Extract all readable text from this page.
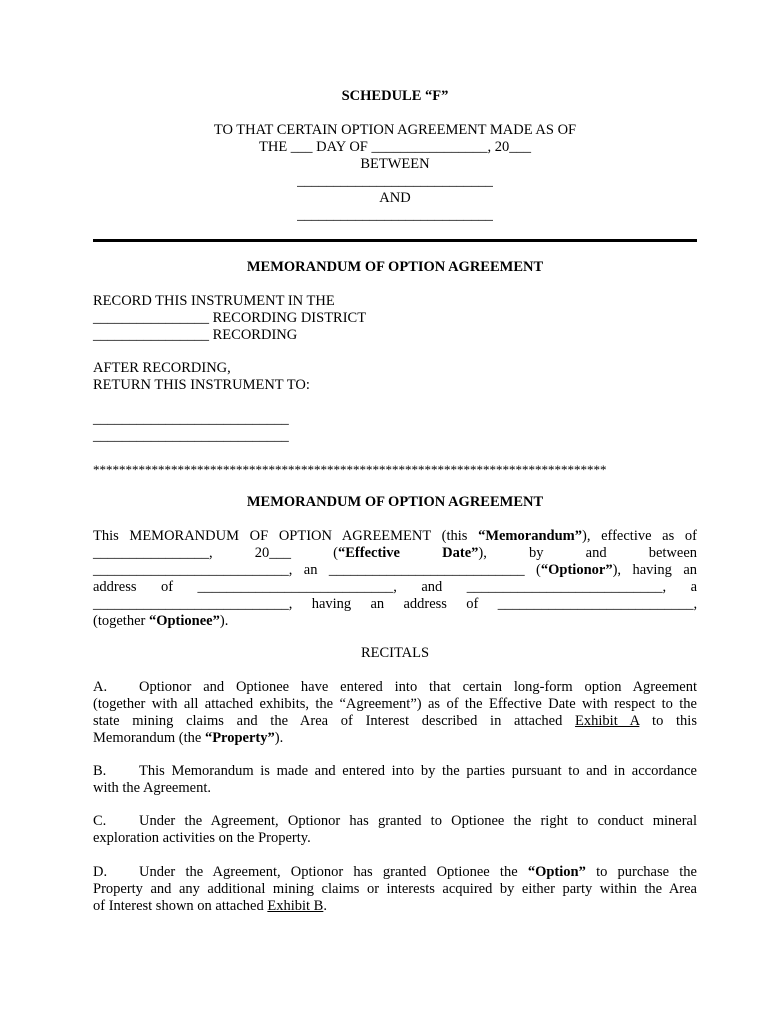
SCHEDULE “F”

TO THAT CERTAIN OPTION AGREEMENT MADE AS OF

THE ___ DAY OF ________________, 20___

BETWEEN

___________________________

AND

___________________________

MEMORANDUM OF OPTION AGREEMENT

RECORD THIS INSTRUMENT IN THE

________________ RECORDING DISTRICT

________________ RECORDING

AFTER RECORDING,

RETURN THIS INSTRUMENT TO:

___________________________

___________________________

*******************************************************************************

MEMORANDUM OF OPTION AGREEMENT

This MEMORANDUM OF OPTION AGREEMENT (this “Memorandum”), effective as of
________________,	20___	(“Effective	Date”),	by	and	between
___________________________, an ___________________________ (“Optionor”), having an
address of ___________________________, and ___________________________, a
___________________________, having an address of ___________________________,
(together “Optionee”).

RECITALS

A. Optionor and Optionee have entered into that certain long-form option Agreement
(together with all attached exhibits, the “Agreement”) as of the Effective Date with respect to the
state mining claims and the Area of Interest described in attached Exhibit A to this
Memorandum (the “Property”).
B. This Memorandum is made and entered into by the parties pursuant to and in accordance
with the Agreement.
C. Under the Agreement, Optionor has granted to Optionee the right to conduct mineral
exploration activities on the Property.
D. Under the Agreement, Optionor has granted Optionee the “Option” to purchase the
Property and any additional mining claims or interests acquired by either party within the Area
of Interest shown on attached Exhibit B.
